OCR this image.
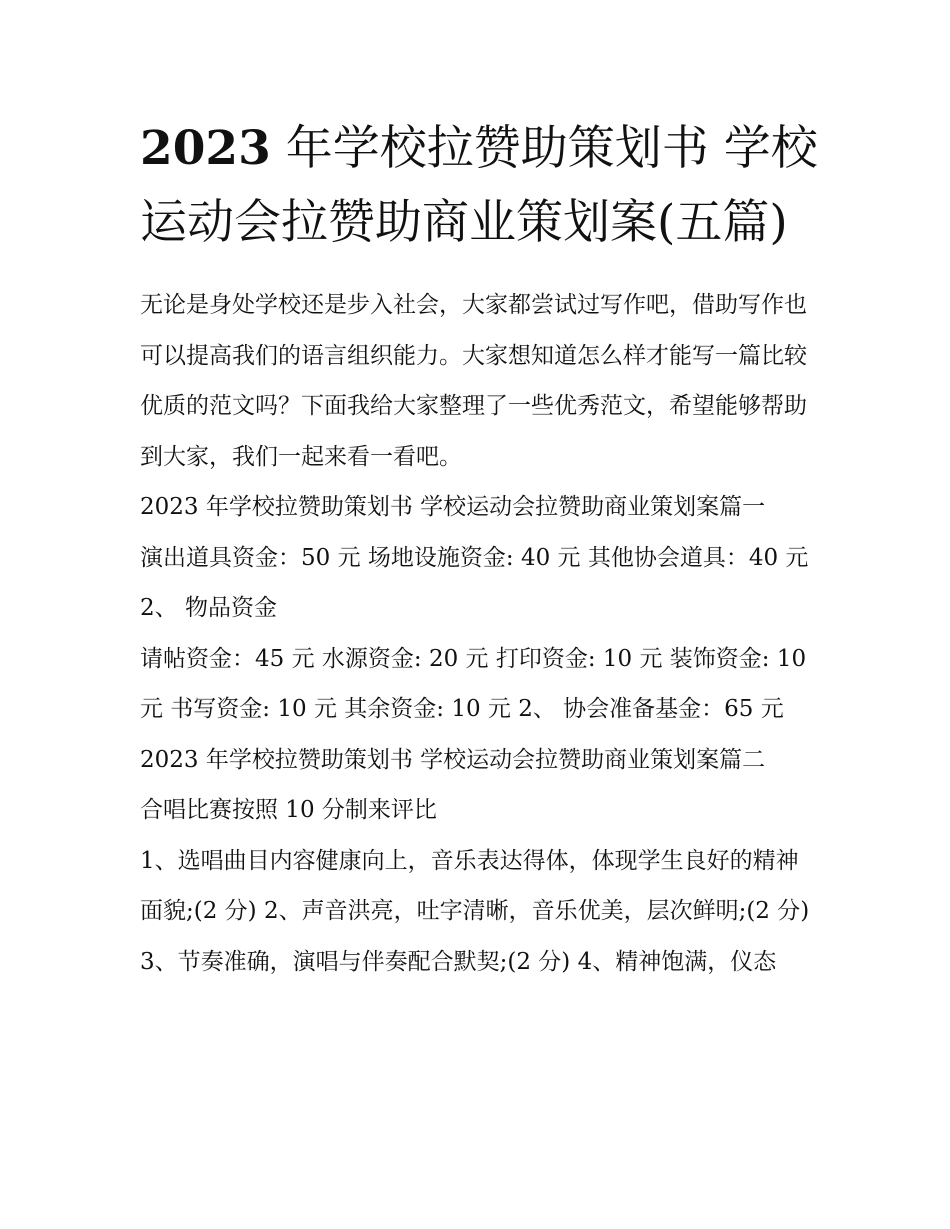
2023 年学校拉赞助策划书 学校运动会拉赞助商业策划案(五篇)

无论是身处学校还是步入社会，大家都尝试过写作吧，借助写作也可以提高我们的语言组织能力。大家想知道怎么样才能写一篇比较优质的范文吗？下面我给大家整理了一些优秀范文，希望能够帮助到大家，我们一起来看一看吧。

2023 年学校拉赞助策划书 学校运动会拉赞助商业策划案篇一

演出道具资金：50 元 场地设施资金: 40 元 其他协会道具：40 元 2、 物品资金

请帖资金：45 元 水源资金: 20 元 打印资金: 10 元 装饰资金: 10 元 书写资金: 10 元 其余资金: 10 元 2、 协会准备基金：65 元

2023 年学校拉赞助策划书 学校运动会拉赞助商业策划案篇二

合唱比赛按照 10 分制来评比

1、选唱曲目内容健康向上，音乐表达得体，体现学生良好的精神面貌;(2 分) 2、声音洪亮，吐字清晰，音乐优美，层次鲜明;(2 分)

3、节奏准确，演唱与伴奏配合默契;(2 分) 4、精神饱满，仪态
